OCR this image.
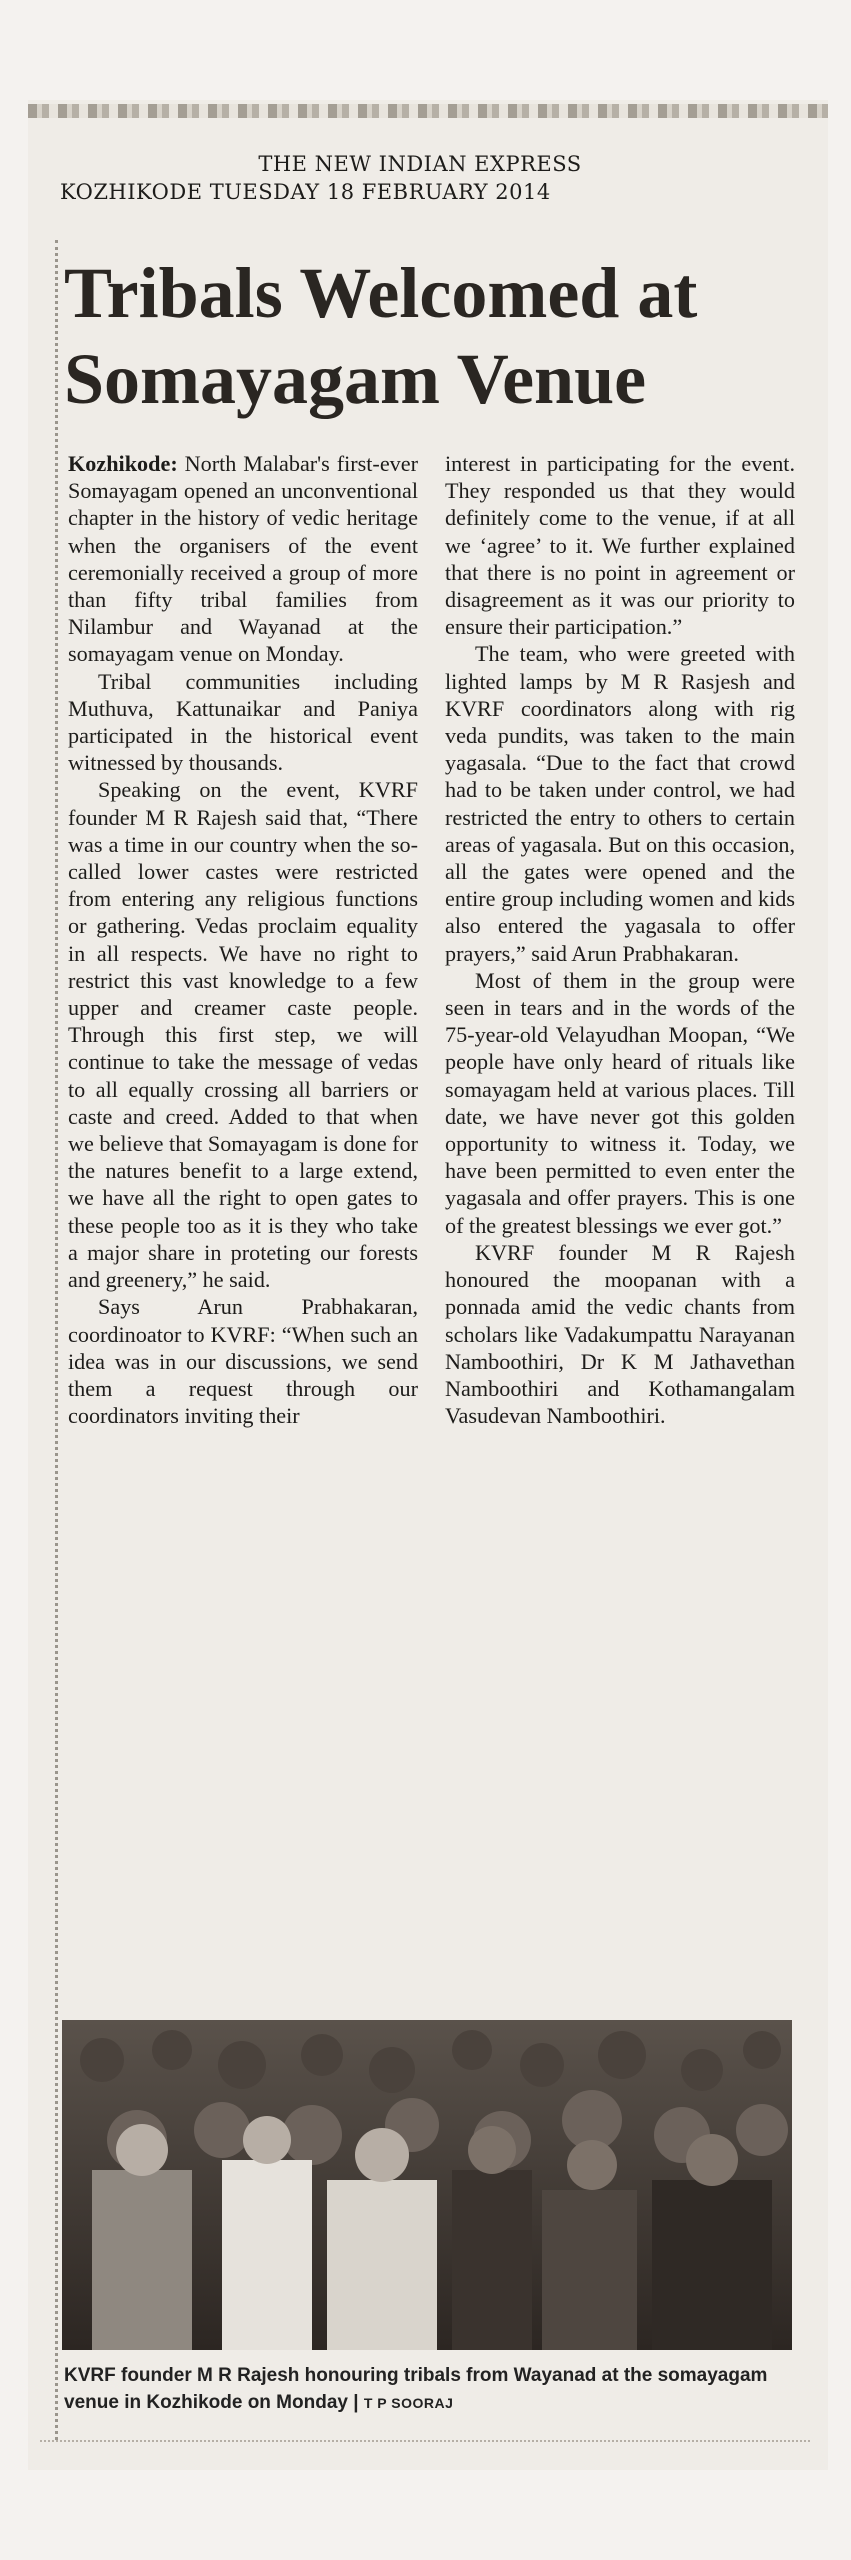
THE NEW INDIAN EXPRESS
KOZHIKODE TUESDAY 18 FEBRUARY 2014
Tribals Welcomed at Somayagam Venue

Kozhikode: North Malabar's first-ever Somayagam opened an unconventional chapter in the history of vedic heritage when the organisers of the event ceremonially received a group of more than fifty tribal families from Nilambur and Wayanad at the somayagam venue on Monday.

Tribal communities including Muthuva, Kattunaikar and Paniya participated in the historical event witnessed by thousands.

Speaking on the event, KVRF founder M R Rajesh said that, “There was a time in our country when the so-called lower castes were restricted from entering any religious functions or gathering. Vedas proclaim equality in all respects. We have no right to restrict this vast knowledge to a few upper and creamer caste people. Through this first step, we will continue to take the message of vedas to all equally crossing all barriers or caste and creed. Added to that when we believe that Somayagam is done for the natures benefit to a large extend, we have all the right to open gates to these people too as it is they who take a major share in proteting our forests and greenery,” he said.

Says Arun Prabhakaran, coordinoator to KVRF: “When such an idea was in our discussions, we send them a request through our coordinators inviting their

interest in participating for the event. They responded us that they would definitely come to the venue, if at all we ‘agree’ to it. We further explained that there is no point in agreement or disagreement as it was our priority to ensure their participation.”

The team, who were greeted with lighted lamps by M R Rasjesh and KVRF coordinators along with rig veda pundits, was taken to the main yagasala. “Due to the fact that crowd had to be taken under control, we had restricted the entry to others to certain areas of yagasala. But on this occasion, all the gates were opened and the entire group including women and kids also entered the yagasala to offer prayers,” said Arun Prabhakaran.

Most of them in the group were seen in tears and in the words of the 75-year-old Velayudhan Moopan, “We people have only heard of rituals like somayagam held at various places. Till date, we have never got this golden opportunity to witness it. Today, we have been permitted to even enter the yagasala and offer prayers. This is one of the greatest blessings we ever got.”

KVRF founder M R Rajesh honoured the moopanan with a ponnada amid the vedic chants from scholars like Vadakumpattu Narayanan Namboothiri, Dr K M Jathavethan Namboothiri and Kothamangalam Vasudevan Namboothiri.

KVRF founder M R Rajesh honouring tribals from Wayanad at the somayagam venue in Kozhikode on Monday | T P SOORAJ
